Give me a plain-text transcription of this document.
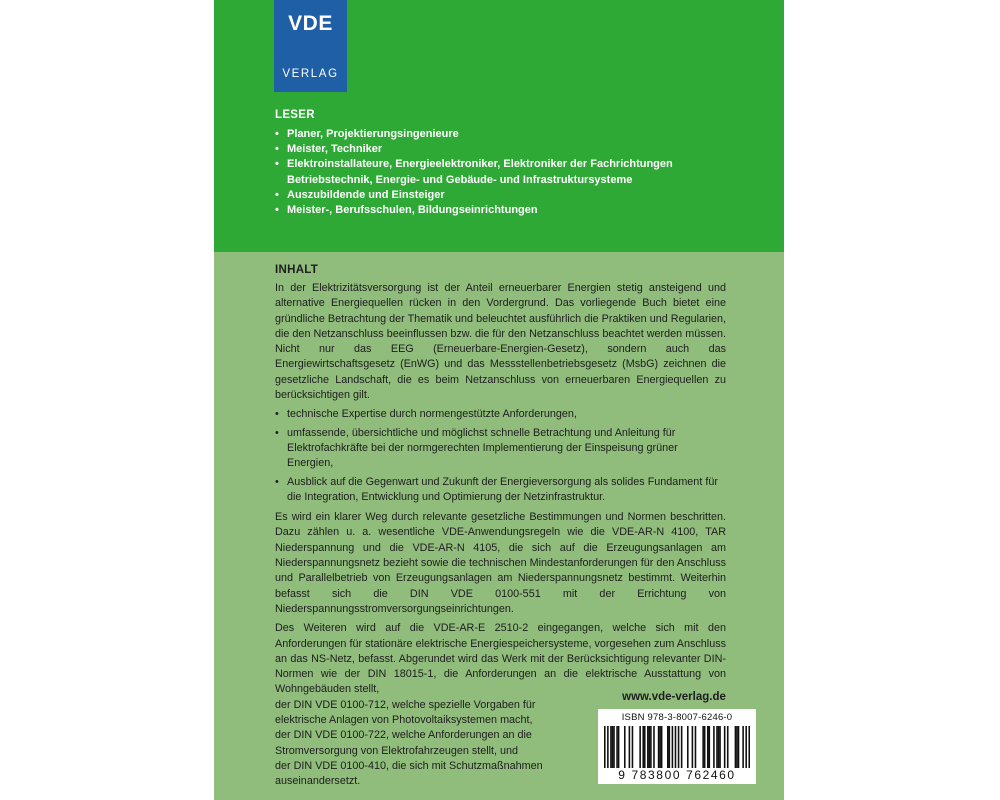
VDE
VERLAG
LESER
• Planer, Projektierungsingenieure
• Meister, Techniker
• Elektroinstallateure, Energieelektroniker, Elektroniker der Fachrichtungen Betriebstechnik, Energie- und Gebäude- und Infrastruktursysteme
• Auszubildende und Einsteiger
• Meister-, Berufsschulen, Bildungseinrichtungen
INHALT

In der Elektrizitätsversorgung ist der Anteil erneuerbarer Energien stetig ansteigend und alternative Energiequellen rücken in den Vordergrund. Das vorliegende Buch bietet eine gründliche Betrachtung der Thematik und beleuchtet ausführlich die Praktiken und Regularien, die den Netzanschluss beeinflussen bzw. die für den Netzanschluss beachtet werden müssen. Nicht nur das EEG (Erneuerbare-Energien-Gesetz), sondern auch das Energiewirtschaftsgesetz (EnWG) und das Messstellenbetriebsgesetz (MsbG) zeichnen die gesetzliche Landschaft, die es beim Netzanschluss von erneuerbaren Energiequellen zu berücksichtigen gilt.

• technische Expertise durch normengestützte Anforderungen,
• umfassende, übersichtliche und möglichst schnelle Betrachtung und Anleitung für Elektrofachkräfte bei der normgerechten Implementierung der Einspeisung grüner Energien,
• Ausblick auf die Gegenwart und Zukunft der Energieversorgung als solides Fundament für die Integration, Entwicklung und Optimierung der Netzinfrastruktur.

Es wird ein klarer Weg durch relevante gesetzliche Bestimmungen und Normen beschritten. Dazu zählen u. a. wesentliche VDE-Anwendungsregeln wie die VDE-AR-N 4100, TAR Niederspannung und die VDE-AR-N 4105, die sich auf die Erzeugungsanlagen am Niederspannungsnetz bezieht sowie die technischen Mindestanforderungen für den Anschluss und Parallelbetrieb von Erzeugungsanlagen am Niederspannungsnetz bestimmt. Weiterhin befasst sich die DIN VDE 0100-551 mit der Errichtung von Niederspannungsstromversorgungseinrichtungen.

Des Weiteren wird auf die VDE-AR-E 2510-2 eingegangen, welche sich mit den Anforderungen für stationäre elektrische Energiespeichersysteme, vorgesehen zum Anschluss an das NS-Netz, befasst. Abgerundet wird das Werk mit der Berücksichtigung relevanter DIN-Normen wie der DIN 18015-1, die Anforderungen an die elektrische Ausstattung von Wohngebäuden stellt,

der DIN VDE 0100-712, welche spezielle Vorgaben für
elektrische Anlagen von Photovoltaiksystemen macht,
der DIN VDE 0100-722, welche Anforderungen an die
Stromversorgung von Elektrofahrzeugen stellt, und
der DIN VDE 0100-410, die sich mit Schutzmaßnahmen
auseinandersetzt.
www.vde-verlag.de
ISBN 978-3-8007-6246-0
9 783800 762460
